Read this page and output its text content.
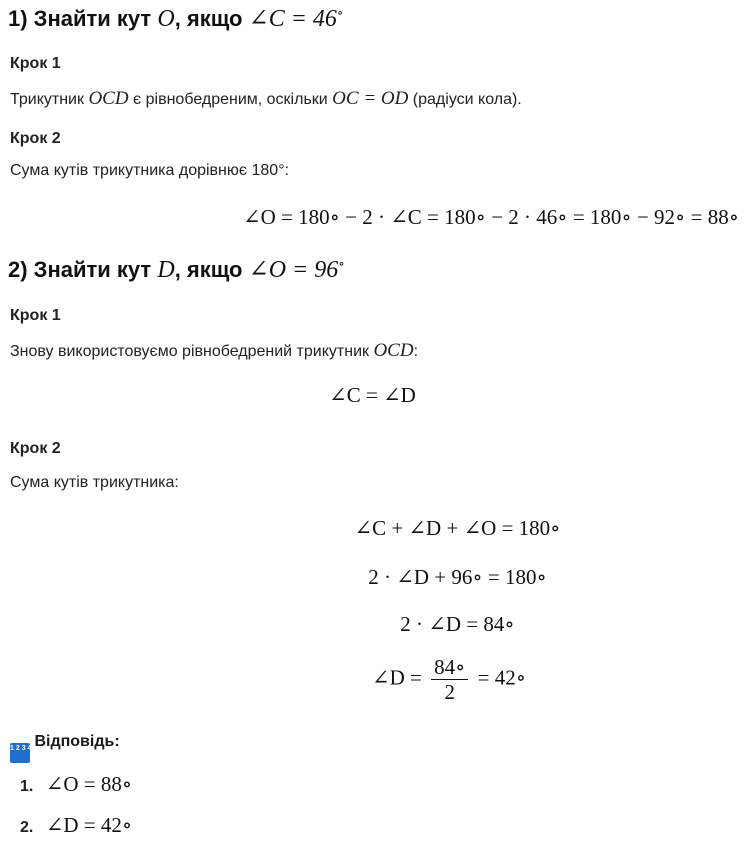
1) Знайти кут O, якщо ∠C = 46∘
Крок 1
Трикутник OCD є рівнобедреним, оскільки OC = OD (радіуси кола).
Крок 2
Сума кутів трикутника дорівнює 180°:
∠O = 180∘ − 2 · ∠C = 180∘ − 2 · 46∘ = 180∘ − 92∘ = 88∘
2) Знайти кут D, якщо ∠O = 96∘
Крок 1
Знову використовуємо рівнобедрений трикутник OCD:
∠C = ∠D
Крок 2
Сума кутів трикутника:
∠C + ∠D + ∠O = 180∘
2 · ∠D + 96∘ = 180∘
2 · ∠D = 84∘
∠D = $\frac{84\circ}{2}$ = 42∘
1 2 3 4 Відповідь:
1. ∠O = 88∘
2. ∠D = 42∘
